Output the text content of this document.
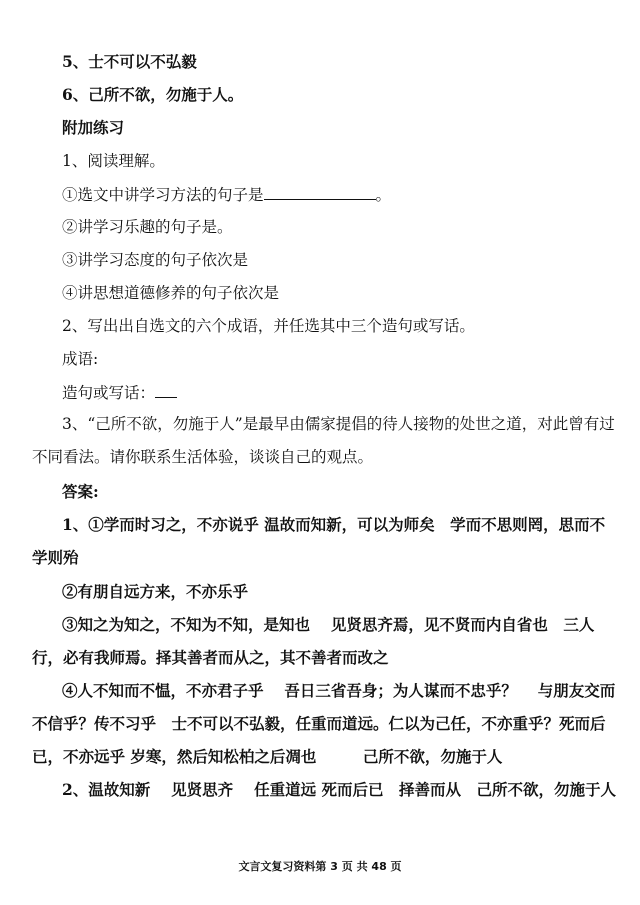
5、士不可以不弘毅
6、己所不欲，勿施于人。
附加练习
1、阅读理解。
①选文中讲学习方法的句子是	。
②讲学习乐趣的句子是。
③讲学习态度的句子依次是
④讲思想道德修养的句子依次是
2、写出出自选文的六个成语，并任选其中三个造句或写话。
成语:
造句或写话：
3、“己所不欲，勿施于人”是最早由儒家提倡的待人接物的处世之道，对此曾有过不同看法。请你联系生活体验，谈谈自己的观点。
答案:
1、①学而时习之，不亦说乎 温故而知新，可以为师矣　学而不思则罔，思而不学则殆
②有朋自远方来，不亦乐乎
③知之为知之，不知为不知，是知也　 见贤思齐焉，见不贤而内自省也　三人行，必有我师焉。择其善者而从之，其不善者而改之
④人不知而不愠，不亦君子乎　 吾日三省吾身；为人谋而不忠乎？　 与朋友交而不信乎？传不习乎　士不可以不弘毅，任重而道远。仁以为己任，不亦重乎？死而后已，不亦远乎 岁寒，然后知松柏之后凋也　　　己所不欲，勿施于人
2、温故知新　 见贤思齐　 任重道远 死而后已　择善而从　己所不欲，勿施于人
文言文复习资料第 3 页 共 48 页
